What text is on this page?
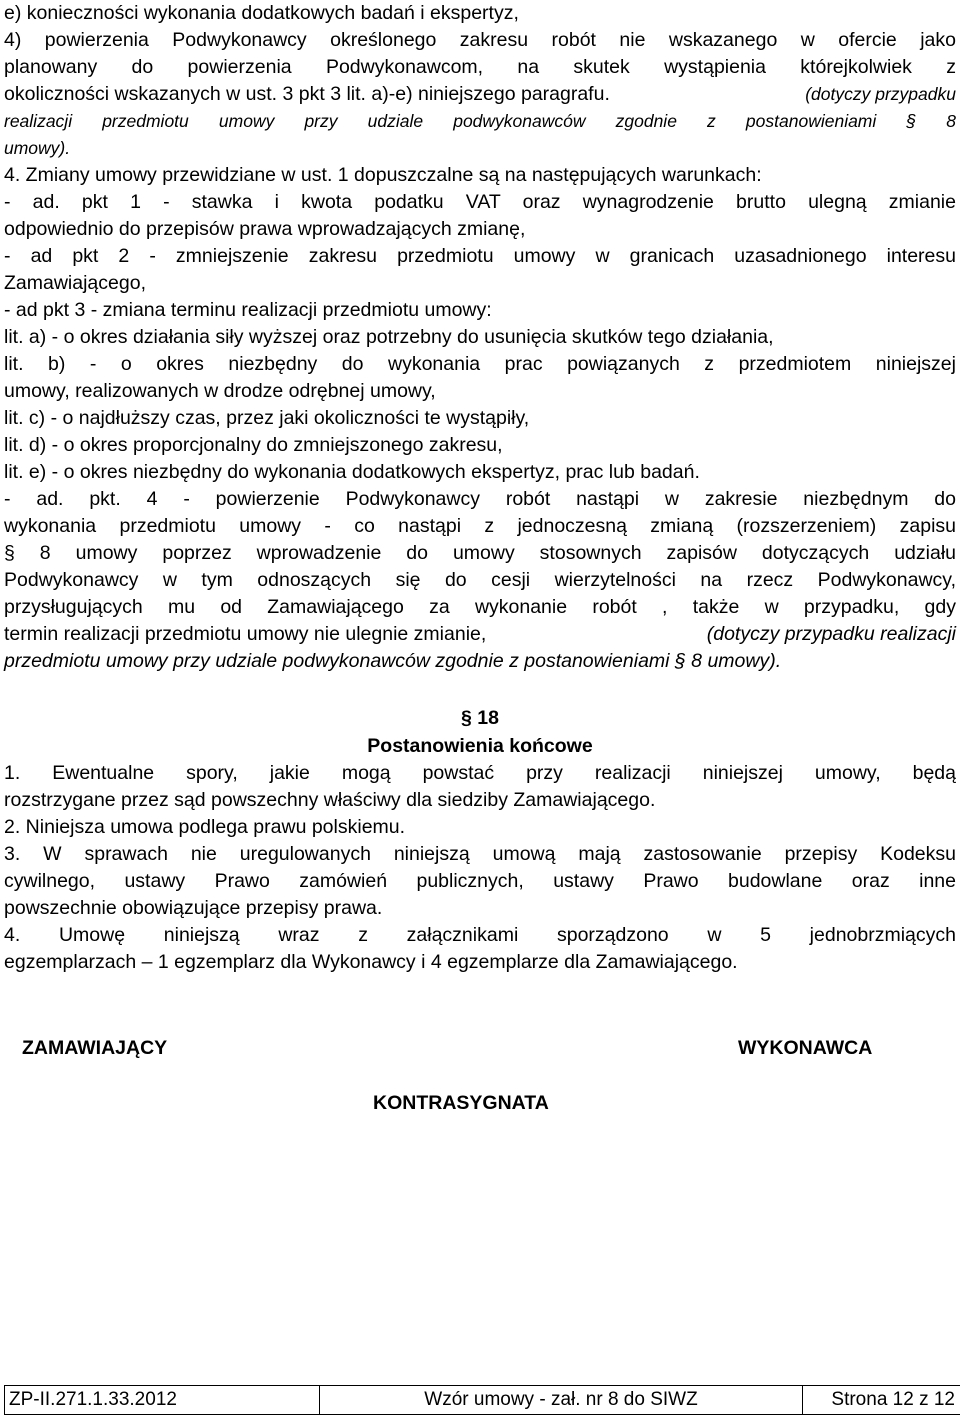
e) konieczności wykonania dodatkowych badań i ekspertyz,
4) powierzenia Podwykonawcy określonego zakresu robót nie wskazanego w ofercie jako
planowany do powierzenia Podwykonawcom, na skutek wystąpienia którejkolwiek z
okoliczności wskazanych w ust. 3 pkt 3 lit. a)-e) niniejszego paragrafu.	(dotyczy przypadku
realizacji przedmiotu umowy przy udziale podwykonawców zgodnie z postanowieniami § 8
umowy).
4. Zmiany umowy przewidziane w ust. 1 dopuszczalne są na następujących warunkach:
- ad. pkt 1 - stawka i kwota podatku VAT oraz wynagrodzenie brutto ulegną zmianie
odpowiednio do przepisów prawa wprowadzających zmianę,
- ad pkt 2 - zmniejszenie zakresu przedmiotu umowy w granicach uzasadnionego interesu
Zamawiającego,
- ad pkt 3 - zmiana terminu realizacji przedmiotu umowy:
lit. a) - o okres działania siły wyższej oraz potrzebny do usunięcia skutków tego działania,
lit. b) - o okres niezbędny do wykonania prac powiązanych z przedmiotem niniejszej
umowy, realizowanych w drodze odrębnej umowy,
lit. c) - o najdłuższy czas, przez jaki okoliczności te wystąpiły,
lit. d) - o okres proporcjonalny do zmniejszonego zakresu,
lit. e) - o okres niezbędny do wykonania dodatkowych ekspertyz, prac lub badań.
- ad. pkt. 4 - powierzenie Podwykonawcy robót nastąpi w zakresie niezbędnym do
wykonania przedmiotu umowy - co nastąpi z jednoczesną zmianą (rozszerzeniem) zapisu
§ 8 umowy poprzez wprowadzenie do umowy stosownych zapisów dotyczących udziału
Podwykonawcy w tym odnoszących się do cesji wierzytelności na rzecz Podwykonawcy,
przysługujących mu od Zamawiającego za wykonanie robót , także w przypadku, gdy
termin realizacji przedmiotu umowy nie ulegnie zmianie,	(dotyczy przypadku realizacji
przedmiotu umowy przy udziale podwykonawców zgodnie z postanowieniami § 8 umowy).
§ 18
Postanowienia końcowe
1. Ewentualne spory, jakie mogą powstać przy realizacji niniejszej umowy, będą
rozstrzygane przez sąd powszechny właściwy dla siedziby Zamawiającego.
2. Niniejsza umowa podlega prawu polskiemu.
3. W sprawach nie uregulowanych niniejszą umową mają zastosowanie przepisy Kodeksu
cywilnego, ustawy Prawo zamówień publicznych, ustawy Prawo budowlane oraz inne
powszechnie obowiązujące przepisy prawa.
4. Umowę niniejszą wraz z załącznikami sporządzono w 5 jednobrzmiących
egzemplarzach – 1 egzemplarz dla Wykonawcy i 4 egzemplarze dla Zamawiającego.
ZAMAWIAJĄCY	WYKONAWCA
KONTRASYGNATA
ZP-II.271.1.33.2012	Wzór umowy - zał. nr 8 do SIWZ	Strona 12 z 12
